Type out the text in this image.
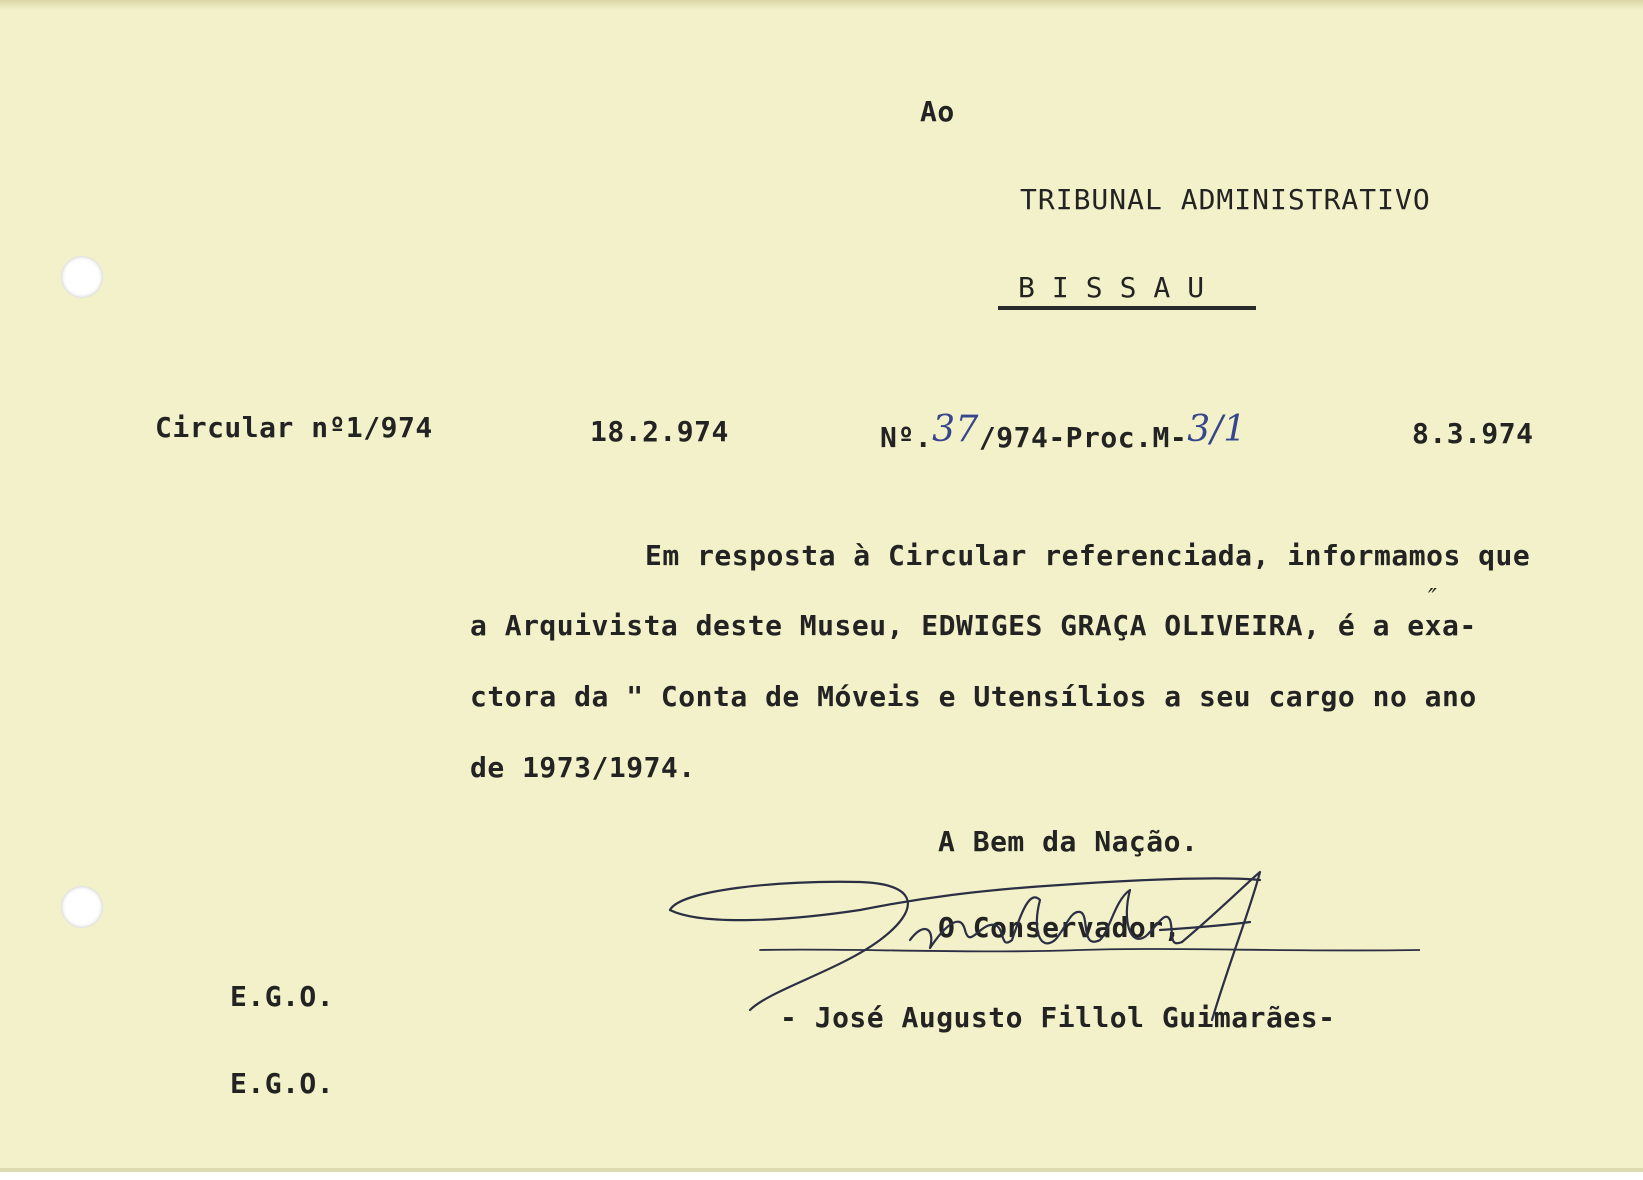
Ao
TRIBUNAL ADMINISTRATIVO
BISSAU
Circular nº1/974	18.2.974	Nº.37/974-Proc.M-3/1	8.3.974
Em resposta à Circular referenciada, informamos que
a Arquivista deste Museu, EDWIGES GRAÇA OLIVEIRA, é a exa-
″
ctora da " Conta de Móveis e Utensílios a seu cargo no ano
de 1973/1974.
A Bem da Nação.
O Conservador,
- José Augusto Fillol Guimarães-
E.G.O.
E.G.O.
